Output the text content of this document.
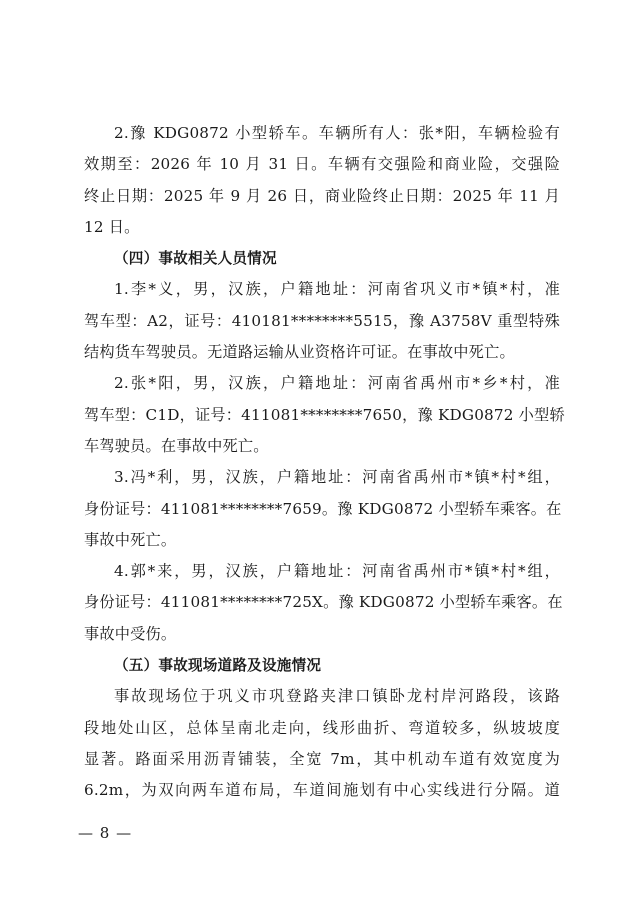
2.豫 KDG0872 小型轿车。车辆所有人：张*阳，车辆检验有
效期至：2026 年 10 月 31 日。车辆有交强险和商业险，交强险
终止日期：2025 年 9 月 26 日，商业险终止日期：2025 年 11 月
12 日。
（四）事故相关人员情况
1.李*义，男，汉族，户籍地址：河南省巩义市*镇*村，准
驾车型：A2，证号：410181********5515，豫 A3758V 重型特殊
结构货车驾驶员。无道路运输从业资格许可证。在事故中死亡。
2.张*阳，男，汉族，户籍地址：河南省禹州市*乡*村，准
驾车型：C1D，证号：411081********7650，豫 KDG0872 小型轿
车驾驶员。在事故中死亡。
3.冯*利，男，汉族，户籍地址：河南省禹州市*镇*村*组，
身份证号：411081********7659。豫 KDG0872 小型轿车乘客。在
事故中死亡。
4.郭*来，男，汉族，户籍地址：河南省禹州市*镇*村*组，
身份证号：411081********725X。豫 KDG0872 小型轿车乘客。在
事故中受伤。
（五）事故现场道路及设施情况
事故现场位于巩义市巩登路夹津口镇卧龙村岸河路段，该路
段地处山区，总体呈南北走向，线形曲折、弯道较多，纵坡坡度
显著。路面采用沥青铺装，全宽 7m，其中机动车道有效宽度为
6.2m，为双向两车道布局，车道间施划有中心实线进行分隔。道
— 8 —
